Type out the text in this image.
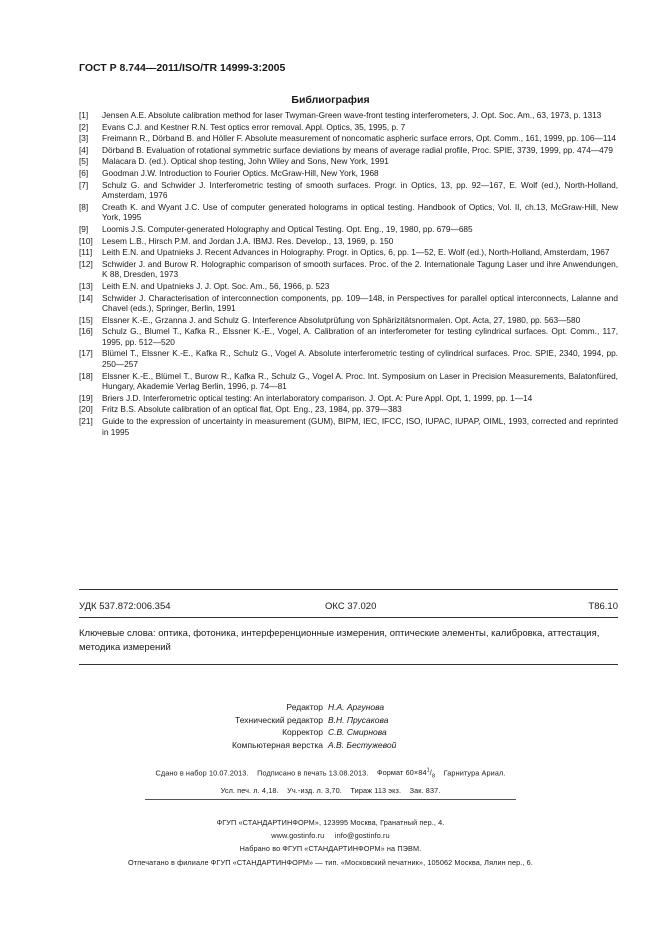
ГОСТ Р 8.744—2011/ISO/TR 14999-3:2005
Библиография
[1]	Jensen A.E. Absolute calibration method for laser Twyman-Green wave-front testing interferometers, J. Opt. Soc. Am., 63, 1973, p. 1313
[2]	Evans C.J. and Kestner R.N. Test optics error removal. Appl. Optics, 35, 1995, p. 7
[3]	Freimann R., Dörband B. and Höller F. Absolute measurement of noncomatic aspheric surface errors, Opt. Comm., 161, 1999, pp. 106—114
[4]	Dörband B. Evaluation of rotational symmetric surface deviations by means of average radial profile, Proc. SPIE, 3739, 1999, pp. 474—479
[5]	Malacara D. (ed.). Optical shop testing, John Wiley and Sons, New York, 1991
[6]	Goodman J.W. Introduction to Fourier Optics. McGraw-Hill, New York, 1968
[7]	Schulz G. and Schwider J. Interferometric testing of smooth surfaces. Progr. in Optics, 13, pp. 92—167, E. Wolf (ed.), North-Holland, Amsterdam, 1976
[8]	Creath K. and Wyant J.C. Use of computer generated holograms in optical testing. Handbook of Optics, Vol. II, ch.13, McGraw-Hill, New York, 1995
[9]	Loomis J.S. Computer-generated Holography and Optical Testing. Opt. Eng., 19, 1980, pp. 679—685
[10]	Lesem L.B., Hirsch P.M. and Jordan J.A. IBMJ. Res. Develop., 13, 1969, p. 150
[11]	Leith E.N. and Upatnieks J. Recent Advances in Holography. Progr. in Optics, 6, pp. 1—52, E. Wolf (ed.), North-Holland, Amsterdam, 1967
[12]	Schwider J. and Burow R. Holographic comparison of smooth surfaces. Proc. of the 2. Internationale Tagung Laser und ihre Anwendungen, K 88, Dresden, 1973
[13]	Leith E.N. and Upatnieks J. J. Opt. Soc. Am., 56, 1966, p. 523
[14]	Schwider J. Characterisation of interconnection components, pp. 109—148, in Perspectives for parallel optical interconnects, Lalanne and Chavel (eds.), Springer, Berlin, 1991
[15]	Elssner K.-E., Grzanna J. and Schulz G. Interference Absolutprüfung von Sphärizitätsnormalen. Opt. Acta, 27, 1980, pp. 563—580
[16]	Schulz G., Blumel T., Kafka R., Elssner K.-E., Vogel, A. Calibration of an interferometer for testing cylindrical surfaces. Opt. Comm., 117, 1995, pp. 512—520
[17]	Blümel T., Elssner K.-E., Kafka R., Schulz G., Vogel A. Absolute interferometric testing of cylindrical surfaces. Proc. SPIE, 2340, 1994, pp. 250—257
[18]	Elssner K.-E., Blümel T., Burow R., Kafka R., Schulz G., Vogel A. Proc. Int. Symposium on Laser in Precision Measurements, Balatonfüred, Hungary, Akademie Verlag Berlin, 1996, p. 74—81
[19]	Briers J.D. Interferometric optical testing: An interlaboratory comparison. J. Opt. A: Pure Appl. Opt, 1, 1999, pp. 1—14
[20]	Fritz B.S. Absolute calibration of an optical flat, Opt. Eng., 23, 1984, pp. 379—383
[21]	Guide to the expression of uncertainty in measurement (GUM), BIPM, IEC, IFCC, ISO, IUPAC, IUPAP, OIML, 1993, corrected and reprinted in 1995
УДК 537.872:006.354	ОКС 37.020	Т86.10
Ключевые слова: оптика, фотоника, интерференционные измерения, оптические элементы, калибровка, аттестация, методика измерений
Редактор Н.А. Аргунова
Технический редактор В.Н. Прусакова
Корректор С.В. Смирнова
Компьютерная верстка А.В. Бестужевой
Сдано в набор 10.07.2013. Подписано в печать 13.08.2013. Формат $60\times 84^1/_8$ Гарнитура Ариал.
Усл. печ. л. 4,18. Уч.-изд. л. 3,70. Тираж 113 экз. Зак. 837.
ФГУП «СТАНДАРТИНФОРМ», 123995 Москва, Гранатный пер., 4.
www.gostinfo.ru     info@gostinfo.ru
Набрано во ФГУП «СТАНДАРТИНФОРМ» на ПЭВМ.
Отпечатано в филиале ФГУП «СТАНДАРТИНФОРМ» — тип. «Московский печатник», 105062 Москва, Лялин пер., 6.
